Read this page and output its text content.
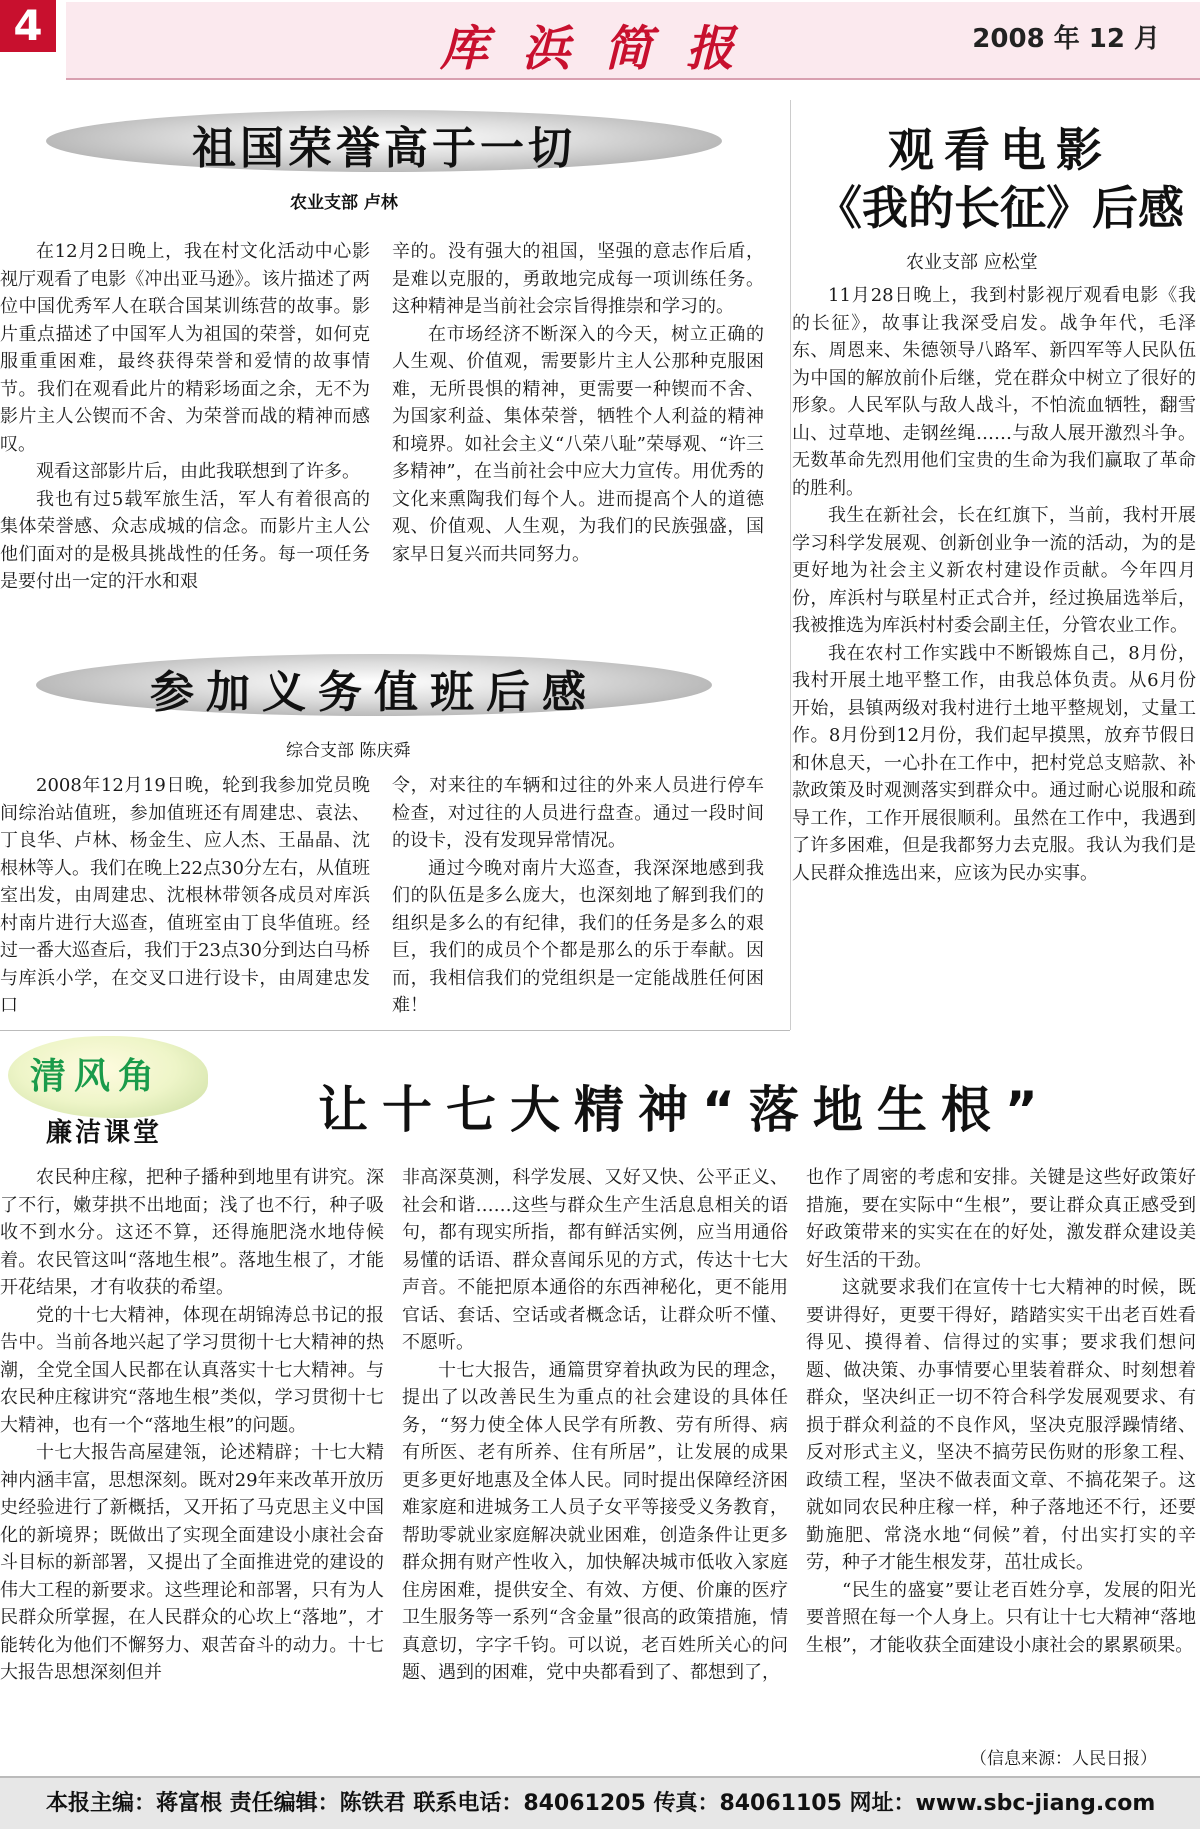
4	库浜简报	2008 年 12 月
祖国荣誉高于一切
农业支部 卢林

在12月2日晚上，我在村文化活动中心影视厅观看了电影《冲出亚马逊》。该片描述了两位中国优秀军人在联合国某训练营的故事。影片重点描述了中国军人为祖国的荣誉，如何克服重重困难，最终获得荣誉和爱情的故事情节。我们在观看此片的精彩场面之余，无不为影片主人公锲而不舍、为荣誉而战的精神而感叹。

观看这部影片后，由此我联想到了许多。

我也有过5载军旅生活，军人有着很高的集体荣誉感、众志成城的信念。而影片主人公他们面对的是极具挑战性的任务。每一项任务是要付出一定的汗水和艰

辛的。没有强大的祖国，坚强的意志作后盾，是难以克服的，勇敢地完成每一项训练任务。这种精神是当前社会宗旨得推崇和学习的。

在市场经济不断深入的今天，树立正确的人生观、价值观，需要影片主人公那种克服困难，无所畏惧的精神，更需要一种锲而不舍、为国家利益、集体荣誉，牺牲个人利益的精神和境界。如社会主义“八荣八耻”荣辱观、“许三多精神”，在当前社会中应大力宣传。用优秀的文化来熏陶我们每个人。进而提高个人的道德观、价值观、人生观，为我们的民族强盛，国家早日复兴而共同努力。

参加义务值班后感
综合支部 陈庆舜

2008年12月19日晚，轮到我参加党员晚间综治站值班，参加值班还有周建忠、袁法、丁良华、卢林、杨金生、应人杰、王晶晶、沈根林等人。我们在晚上22点30分左右，从值班室出发，由周建忠、沈根林带领各成员对库浜村南片进行大巡查，值班室由丁良华值班。经过一番大巡查后，我们于23点30分到达白马桥与库浜小学，在交叉口进行设卡，由周建忠发口

令，对来往的车辆和过往的外来人员进行停车检查，对过往的人员进行盘查。通过一段时间的设卡，没有发现异常情况。

通过今晚对南片大巡查，我深深地感到我们的队伍是多么庞大，也深刻地了解到我们的组织是多么的有纪律，我们的任务是多么的艰巨，我们的成员个个都是那么的乐于奉献。因而，我相信我们的党组织是一定能战胜任何困难！

观看电影
《我的长征》后感
农业支部 应松堂

11月28日晚上，我到村影视厅观看电影《我的长征》，故事让我深受启发。战争年代，毛泽东、周恩来、朱德领导八路军、新四军等人民队伍为中国的解放前仆后继，党在群众中树立了很好的形象。人民军队与敌人战斗，不怕流血牺牲，翻雪山、过草地、走钢丝绳……与敌人展开激烈斗争。无数革命先烈用他们宝贵的生命为我们赢取了革命的胜利。

我生在新社会，长在红旗下，当前，我村开展学习科学发展观、创新创业争一流的活动，为的是更好地为社会主义新农村建设作贡献。今年四月份，库浜村与联星村正式合并，经过换届选举后，我被推选为库浜村村委会副主任，分管农业工作。

我在农村工作实践中不断锻炼自己，8月份，我村开展土地平整工作，由我总体负责。从6月份开始，县镇两级对我村进行土地平整规划，丈量工作。8月份到12月份，我们起早摸黑，放弃节假日和休息天，一心扑在工作中，把村党总支赔款、补款政策及时观测落实到群众中。通过耐心说服和疏导工作，工作开展很顺利。虽然在工作中，我遇到了许多困难，但是我都努力去克服。我认为我们是人民群众推选出来，应该为民办实事。

清风角
廉洁课堂	让十七大精神“落地生根”

农民种庄稼，把种子播种到地里有讲究。深了不行，嫩芽拱不出地面；浅了也不行，种子吸收不到水分。这还不算，还得施肥浇水地侍候着。农民管这叫“落地生根”。落地生根了，才能开花结果，才有收获的希望。

党的十七大精神，体现在胡锦涛总书记的报告中。当前各地兴起了学习贯彻十七大精神的热潮，全党全国人民都在认真落实十七大精神。与农民种庄稼讲究“落地生根”类似，学习贯彻十七大精神，也有一个“落地生根”的问题。

十七大报告高屋建瓴，论述精辟；十七大精神内涵丰富，思想深刻。既对29年来改革开放历史经验进行了新概括，又开拓了马克思主义中国化的新境界；既做出了实现全面建设小康社会奋斗目标的新部署，又提出了全面推进党的建设的伟大工程的新要求。这些理论和部署，只有为人民群众所掌握，在人民群众的心坎上“落地”，才能转化为他们不懈努力、艰苦奋斗的动力。十七大报告思想深刻但并

非高深莫测，科学发展、又好又快、公平正义、社会和谐……这些与群众生产生活息息相关的语句，都有现实所指，都有鲜活实例，应当用通俗易懂的话语、群众喜闻乐见的方式，传达十七大声音。不能把原本通俗的东西神秘化，更不能用官话、套话、空话或者概念话，让群众听不懂、不愿听。

十七大报告，通篇贯穿着执政为民的理念，提出了以改善民生为重点的社会建设的具体任务，“努力使全体人民学有所教、劳有所得、病有所医、老有所养、住有所居”，让发展的成果更多更好地惠及全体人民。同时提出保障经济困难家庭和进城务工人员子女平等接受义务教育，帮助零就业家庭解决就业困难，创造条件让更多群众拥有财产性收入，加快解决城市低收入家庭住房困难，提供安全、有效、方便、价廉的医疗卫生服务等一系列“含金量”很高的政策措施，情真意切，字字千钧。可以说，老百姓所关心的问题、遇到的困难，党中央都看到了、都想到了，

也作了周密的考虑和安排。关键是这些好政策好措施，要在实际中“生根”，要让群众真正感受到好政策带来的实实在在的好处，激发群众建设美好生活的干劲。

这就要求我们在宣传十七大精神的时候，既要讲得好，更要干得好，踏踏实实干出老百姓看得见、摸得着、信得过的实事；要求我们想问题、做决策、办事情要心里装着群众、时刻想着群众，坚决纠正一切不符合科学发展观要求、有损于群众利益的不良作风，坚决克服浮躁情绪、反对形式主义，坚决不搞劳民伤财的形象工程、政绩工程，坚决不做表面文章、不搞花架子。这就如同农民种庄稼一样，种子落地还不行，还要勤施肥、常浇水地“伺候”着，付出实打实的辛劳，种子才能生根发芽，茁壮成长。

“民生的盛宴”要让老百姓分享，发展的阳光要普照在每一个人身上。只有让十七大精神“落地生根”，才能收获全面建设小康社会的累累硕果。

（信息来源：人民日报）
本报主编：蒋富根 责任编辑：陈铁君 联系电话：84061205 传真：84061105 网址：www.sbc-jiang.com
